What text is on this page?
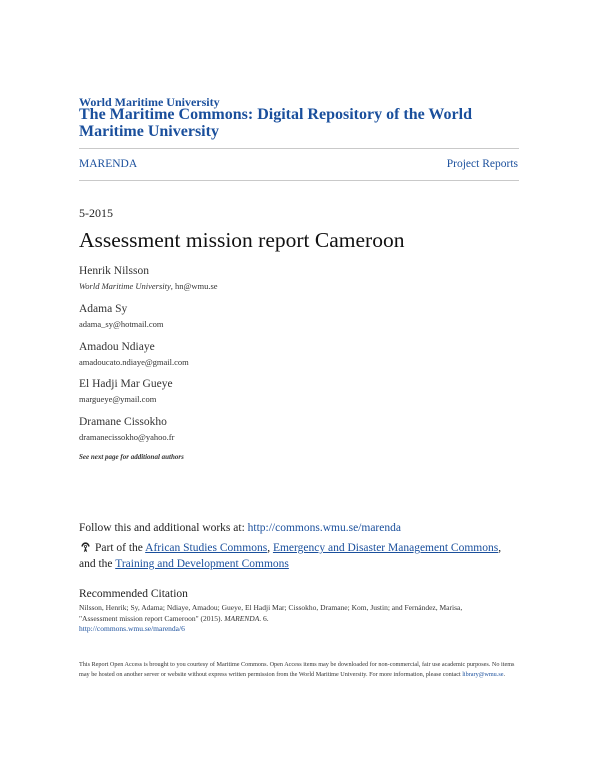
World Maritime University
The Maritime Commons: Digital Repository of the World Maritime University
MARENDA	Project Reports
5-2015
Assessment mission report Cameroon
Henrik Nilsson
World Maritime University, hn@wmu.se
Adama Sy
adama_sy@hotmail.com
Amadou Ndiaye
amadoucato.ndiaye@gmail.com
El Hadji Mar Gueye
margueye@ymail.com
Dramane Cissokho
dramanecissokho@yahoo.fr
See next page for additional authors
Follow this and additional works at: http://commons.wmu.se/marenda
Part of the African Studies Commons, Emergency and Disaster Management Commons, and the Training and Development Commons
Recommended Citation
Nilsson, Henrik; Sy, Adama; Ndiaye, Amadou; Gueye, El Hadji Mar; Cissokho, Dramane; Kom, Justin; and Fernández, Marisa,
"Assessment mission report Cameroon" (2015). MARENDA. 6.
http://commons.wmu.se/marenda/6
This Report Open Access is brought to you courtesy of Maritime Commons. Open Access items may be downloaded for non-commercial, fair use academic purposes. No items may be hosted on another server or website without express written permission from the World Maritime University. For more information, please contact library@wmu.se.
